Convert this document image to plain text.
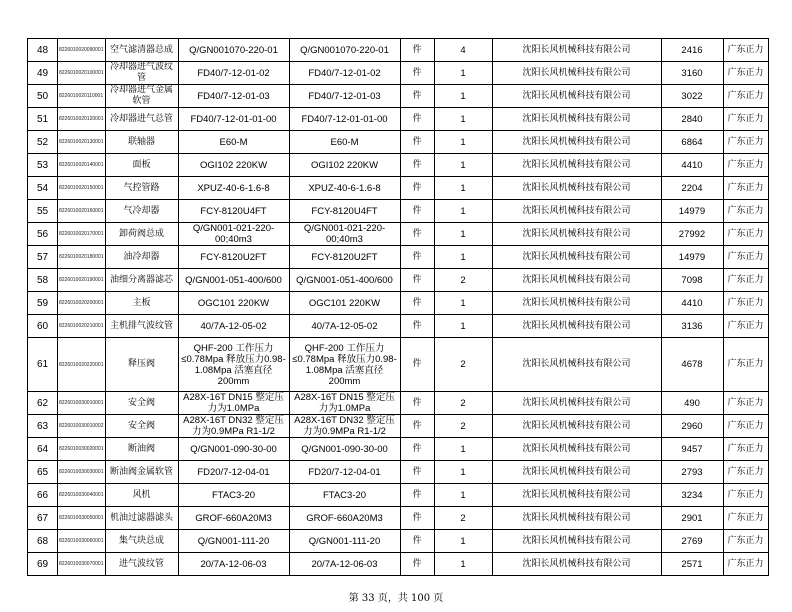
48	8226010020090001	空气滤清器总成	Q/GN001070-220-01	Q/GN001070-220-01	件	4	沈阳长风机械科技有限公司	2416	广东正力
49	8226010020100001	冷却器进气波纹管	FD40/7-12-01-02	FD40/7-12-01-02	件	1	沈阳长风机械科技有限公司	3160	广东正力
50	8226010020110001	冷却器进气金属软管	FD40/7-12-01-03	FD40/7-12-01-03	件	1	沈阳长风机械科技有限公司	3022	广东正力
51	8226010020120001	冷却器进气总管	FD40/7-12-01-01-00	FD40/7-12-01-01-00	件	1	沈阳长风机械科技有限公司	2840	广东正力
52	8226010020130001	联轴器	E60-M	E60-M	件	1	沈阳长风机械科技有限公司	6864	广东正力
53	8226010020140001	面板	OGI102 220KW	OGI102 220KW	件	1	沈阳长风机械科技有限公司	4410	广东正力
54	8226010020150001	气控管路	XPUZ-40-6-1.6-8	XPUZ-40-6-1.6-8	件	1	沈阳长风机械科技有限公司	2204	广东正力
55	8226010020160001	气冷却器	FCY-8120U4FT	FCY-8120U4FT	件	1	沈阳长风机械科技有限公司	14979	广东正力
56	8226010020170001	卸荷阀总成	Q/GN001-021-220-00;40m3	Q/GN001-021-220-00;40m3	件	1	沈阳长风机械科技有限公司	27992	广东正力
57	8226010020180001	油冷却器	FCY-8120U2FT	FCY-8120U2FT	件	1	沈阳长风机械科技有限公司	14979	广东正力
58	8226010020190001	油细分离器滤芯	Q/GN001-051-400/600	Q/GN001-051-400/600	件	2	沈阳长风机械科技有限公司	7098	广东正力
59	8226010020200001	主板	OGC101 220KW	OGC101 220KW	件	1	沈阳长风机械科技有限公司	4410	广东正力
60	8226010020210001	主机排气波纹管	40/7A-12-05-02	40/7A-12-05-02	件	1	沈阳长风机械科技有限公司	3136	广东正力
61	8226010020220001	释压阀	QHF-200 工作压力≤0.78Mpa 释放压力0.98-1.08Mpa 活塞直径200mm	QHF-200 工作压力≤0.78Mpa 释放压力0.98-1.08Mpa 活塞直径200mm	件	2	沈阳长风机械科技有限公司	4678	广东正力
62	8226010030010001	安全阀	A28X-16T DN15 整定压力为1.0MPa	A28X-16T DN15 整定压力为1.0MPa	件	2	沈阳长风机械科技有限公司	490	广东正力
63	8226010030010002	安全阀	A28X-16T DN32 整定压力为0.9MPa R1-1/2	A28X-16T DN32 整定压力为0.9MPa R1-1/2	件	2	沈阳长风机械科技有限公司	2960	广东正力
64	8226010030020001	断油阀	Q/GN001-090-30-00	Q/GN001-090-30-00	件	1	沈阳长风机械科技有限公司	9457	广东正力
65	8226010030030001	断油阀金属软管	FD20/7-12-04-01	FD20/7-12-04-01	件	1	沈阳长风机械科技有限公司	2793	广东正力
66	8226010030040001	风机	FTAC3-20	FTAC3-20	件	1	沈阳长风机械科技有限公司	3234	广东正力
67	8226010030050001	机油过滤器滤头	GROF-660A20M3	GROF-660A20M3	件	2	沈阳长风机械科技有限公司	2901	广东正力
68	8226010030060001	集气块总成	Q/GN001-111-20	Q/GN001-111-20	件	1	沈阳长风机械科技有限公司	2769	广东正力
69	8226010030070001	进气波纹管	20/7A-12-06-03	20/7A-12-06-03	件	1	沈阳长风机械科技有限公司	2571	广东正力
第 33 页，共 100 页
